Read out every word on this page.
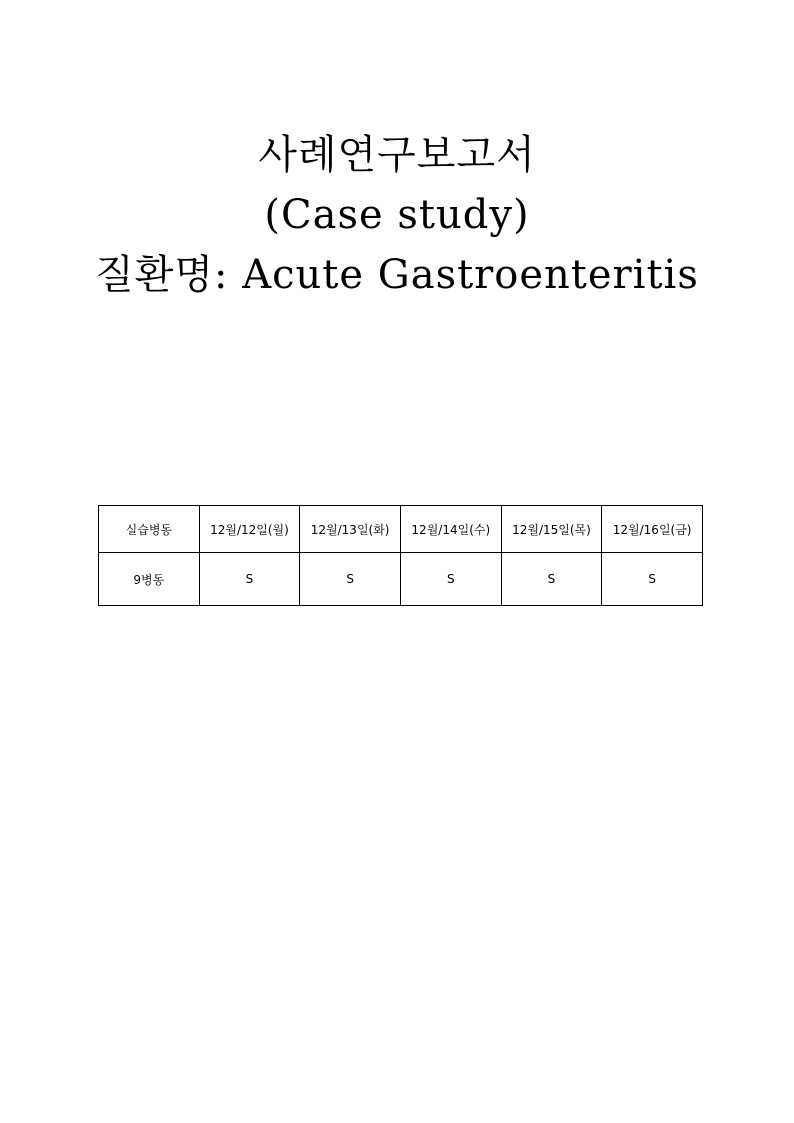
사례연구보고서
(Case study)
질환명: Acute Gastroenteritis
실습병동	12월/12일(월)	12월/13일(화)	12월/14일(수)	12월/15일(목)	12월/16일(금)
9병동	S	S	S	S	S
